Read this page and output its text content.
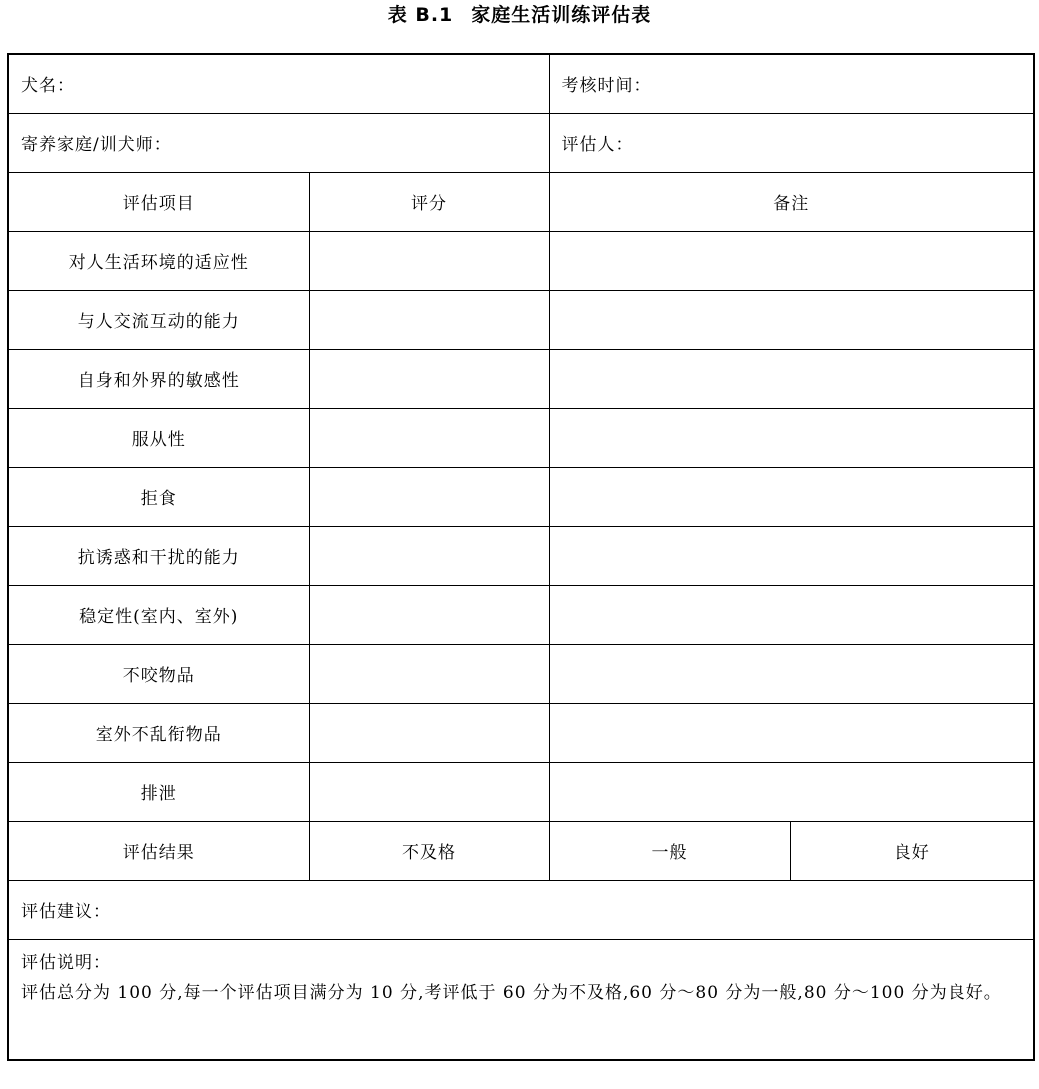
表 B.1 家庭生活训练评估表
犬名：		考核时间：	
寄养家庭/训犬师：		评估人：	
评估项目	评分	备注	
对人生活环境的适应性			
与人交流互动的能力			
自身和外界的敏感性			
服从性			
拒食			
抗诱惑和干扰的能力			
稳定性(室内、室外)			
不咬物品			
室外不乱衔物品			
排泄			
评估结果	不及格	一般	良好
评估建议：			

评估说明：
评估总分为 100 分,每一个评估项目满分为 10 分,考评低于 60 分为不及格,60 分～80 分为一般,80 分～100 分为良好。			
